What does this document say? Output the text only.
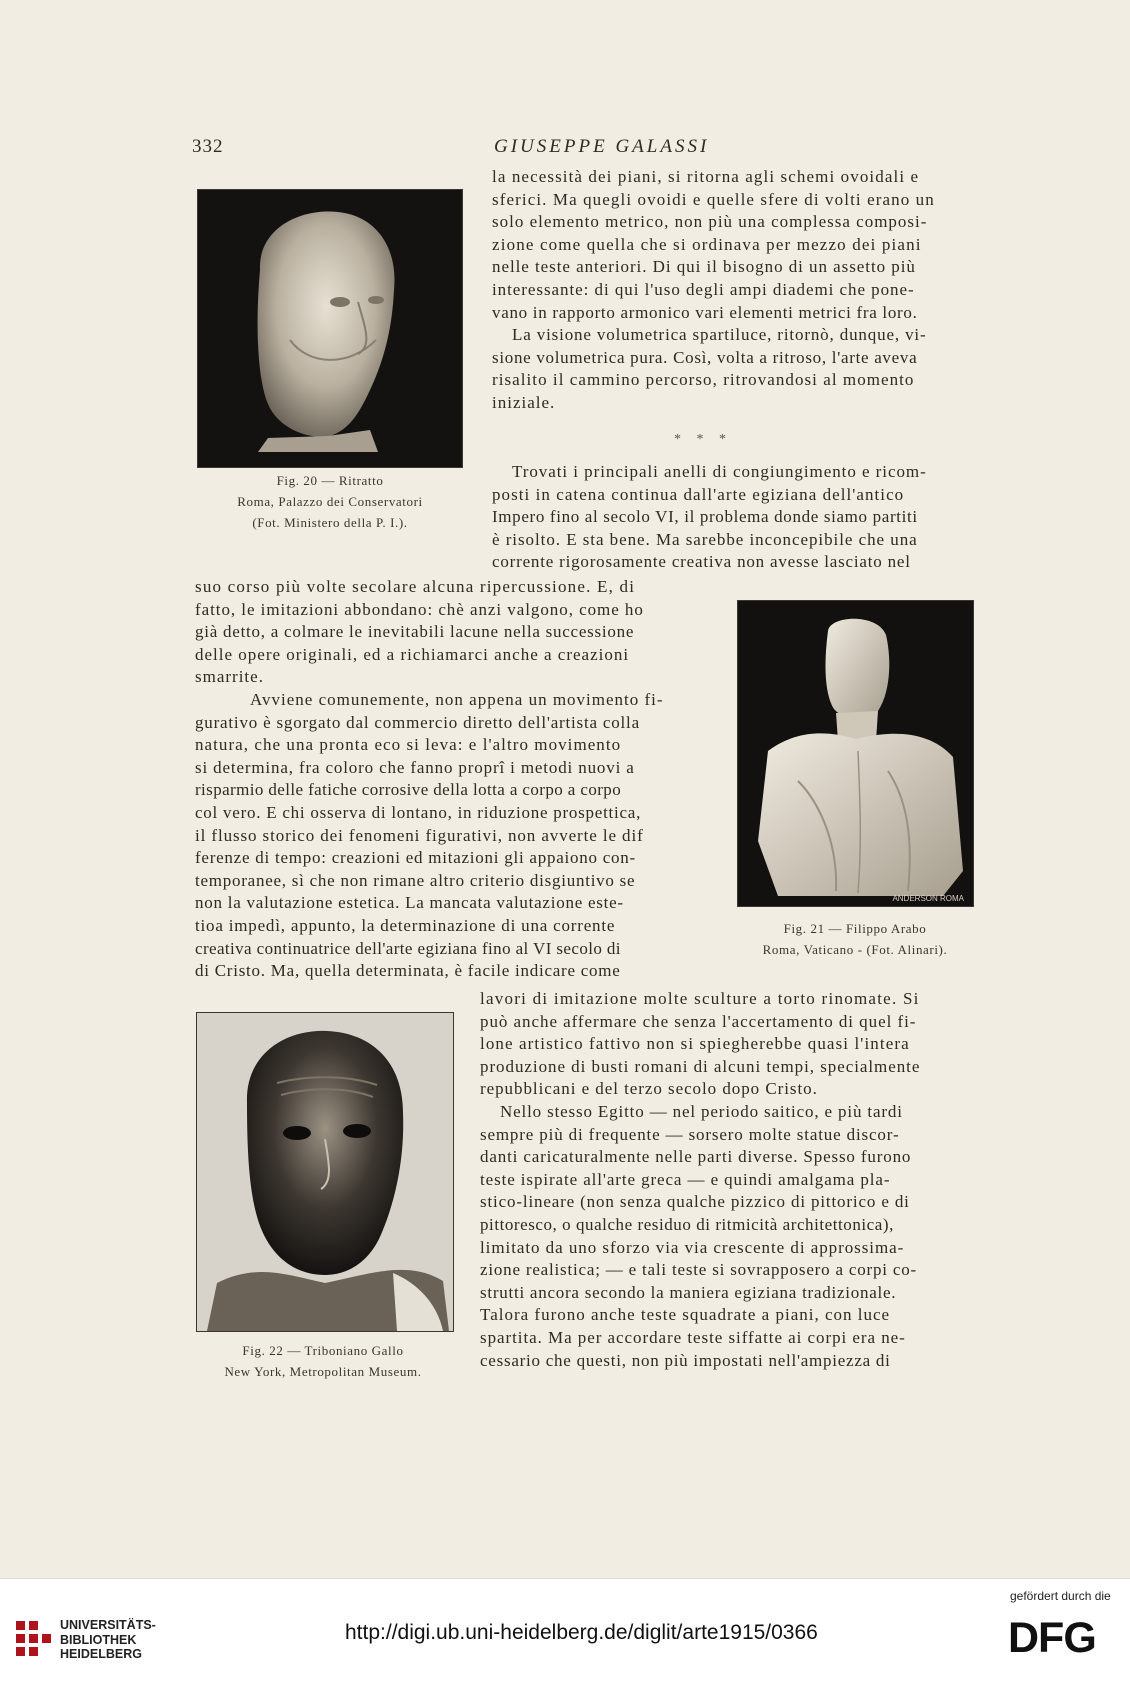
332	GIUSEPPE GALASSI
la necessità dei piani, si ritorna agli schemi ovoidali e
sferici. Ma quegli ovoidi e quelle sfere di volti erano un
solo elemento metrico, non più una complessa composi-
zione come quella che si ordinava per mezzo dei piani
nelle teste anteriori. Di qui il bisogno di un assetto più
interessante: di qui l'uso degli ampi diademi che pone-
vano in rapporto armonico vari elementi metrici fra loro.
La visione volumetrica spartiluce, ritornò, dunque, vi-
sione volumetrica pura. Così, volta a ritroso, l'arte aveva
risalito il cammino percorso, ritrovandosi al momento
iniziale.
* * *
Trovati i principali anelli di congiungimento e ricom-
posti in catena continua dall'arte egiziana dell'antico
Impero fino al secolo VI, il problema donde siamo partiti
è risolto. E sta bene. Ma sarebbe inconcepibile che una
corrente rigorosamente creativa non avesse lasciato nel
suo corso più volte secolare alcuna ripercussione. E, di
fatto, le imitazioni abbondano: chè anzi valgono, come ho
già detto, a colmare le inevitabili lacune nella successione
delle opere originali, ed a richiamarci anche a creazioni
smarrite.
Avviene comunemente, non appena un movimento fi-
gurativo è sgorgato dal commercio diretto dell'artista colla
natura, che una pronta eco si leva: e l'altro movimento
si determina, fra coloro che fanno proprî i metodi nuovi a
risparmio delle fatiche corrosive della lotta a corpo a corpo
col vero. E chi osserva di lontano, in riduzione prospettica,
il flusso storico dei fenomeni figurativi, non avverte le dif
ferenze di tempo: creazioni ed mitazioni gli appaiono con-
temporanee, sì che non rimane altro criterio disgiuntivo se
non la valutazione estetica. La mancata valutazione este-
tioa impedì, appunto, la determinazione di una corrente
creativa continuatrice dell'arte egiziana fino al VI secolo di
di Cristo. Ma, quella determinata, è facile indicare come
lavori di imitazione molte sculture a torto rinomate. Si
può anche affermare che senza l'accertamento di quel fi-
lone artistico fattivo non si spiegherebbe quasi l'intera
produzione di busti romani di alcuni tempi, specialmente
repubblicani e del terzo secolo dopo Cristo.
Nello stesso Egitto — nel periodo saitico, e più tardi
sempre più di frequente — sorsero molte statue discor-
danti caricaturalmente nelle parti diverse. Spesso furono
teste ispirate all'arte greca — e quindi amalgama pla-
stico-lineare (non senza qualche pizzico di pittorico e di
pittoresco, o qualche residuo di ritmicità architettonica),
limitato da uno sforzo via via crescente di approssima-
zione realistica; — e tali teste si sovrapposero a corpi co-
strutti ancora secondo la maniera egiziana tradizionale.
Talora furono anche teste squadrate a piani, con luce
spartita. Ma per accordare teste siffatte ai corpi era ne-
cessario che questi, non più impostati nell'ampiezza di
Fig. 20 — Ritratto
Roma, Palazzo dei Conservatori
(Fot. Ministero della P. I.).
ANDERSON ROMA
Fig. 21 — Filippo Arabo
Roma, Vaticano - (Fot. Alinari).
Fig. 22 — Triboniano Gallo
New York, Metropolitan Museum.
UNIVERSITÄTS-
BIBLIOTHEK
HEIDELBERG
http://digi.ub.uni-heidelberg.de/diglit/arte1915/0366
gefördert durch die
DFG
